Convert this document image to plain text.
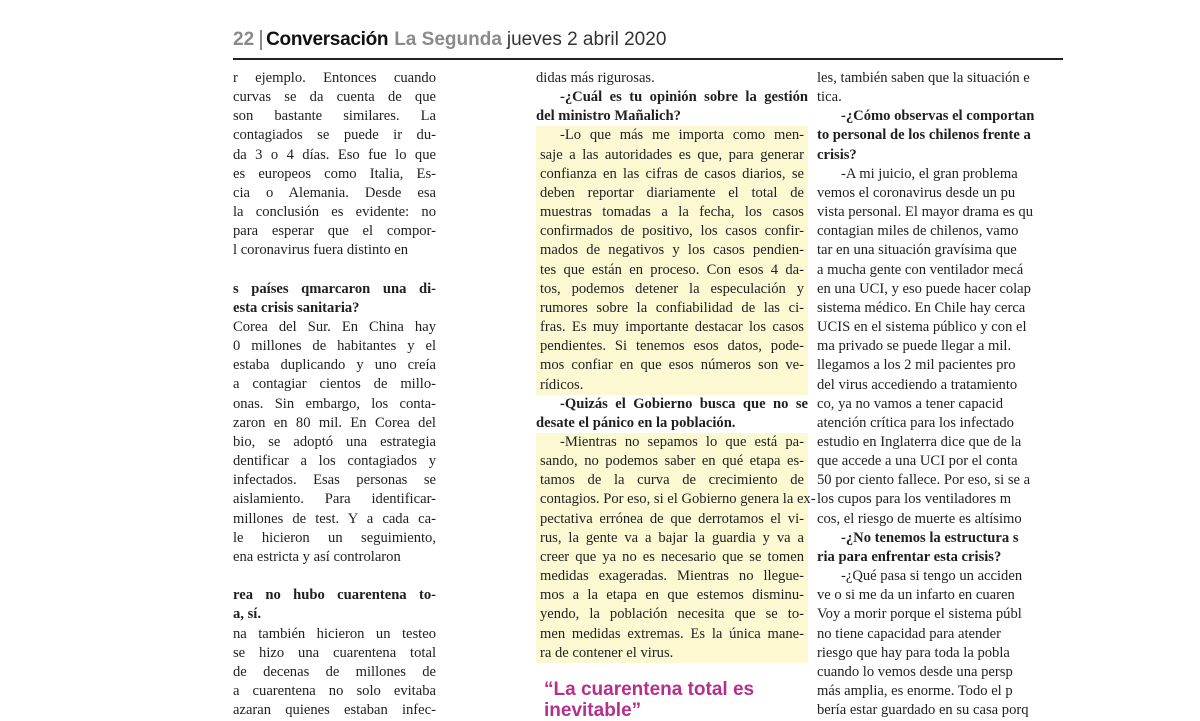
22 Conversación La Segunda jueves 2 abril 2020

r ejemplo. Entonces cuando

curvas se da cuenta de que

son bastante similares. La

contagiados se puede ir du-

da 3 o 4 días. Eso fue lo que

es europeos como Italia, Es-

cia o Alemania. Desde esa

la conclusión es evidente: no

para esperar que el compor-

l coronavirus fuera distinto en

s países qmarcaron una di-

esta crisis sanitaria?

Corea del Sur. En China hay

0 millones de habitantes y el

estaba duplicando y uno creía

a contagiar cientos de millo-

onas. Sin embargo, los conta-

zaron en 80 mil. En Corea del

bio, se adoptó una estrategia

dentificar a los contagiados y

infectados. Esas personas se

aislamiento. Para identificar-

millones de test. Y a cada ca-

le hicieron un seguimiento,

ena estricta y así controlaron

rea no hubo cuarentena to-

a, sí.

na también hicieron un testeo

se hizo una cuarentena total

de decenas de millones de

a cuarentena no solo evitaba

azaran quienes estaban infec-

didas más rigurosas.

-¿Cuál es tu opinión sobre la gestión

del ministro Mañalich?

-Lo que más me importa como men-

saje a las autoridades es que, para generar

confianza en las cifras de casos diarios, se

deben reportar diariamente el total de

muestras tomadas a la fecha, los casos

confirmados de positivo, los casos confir-

mados de negativos y los casos pendien-

tes que están en proceso. Con esos 4 da-

tos, podemos detener la especulación y

rumores sobre la confiabilidad de las ci-

fras. Es muy importante destacar los casos

pendientes. Si tenemos esos datos, pode-

mos confiar en que esos números son ve-

rídicos.

-Quizás el Gobierno busca que no se

desate el pánico en la población.

-Mientras no sepamos lo que está pa-

sando, no podemos saber en qué etapa es-

tamos de la curva de crecimiento de

contagios. Por eso, si el Gobierno genera la ex-

pectativa errónea de que derrotamos el vi-

rus, la gente va a bajar la guardia y va a

creer que ya no es necesario que se tomen

medidas exageradas. Mientras no llegue-

mos a la etapa en que estemos disminu-

yendo, la población necesita que se to-

men medidas extremas. Es la única mane-

ra de contener el virus.

“La cuarentena total es
inevitable”

les, también saben que la situación e

tica.

-¿Cómo observas el comportan

to personal de los chilenos frente a

crisis?

-A mi juicio, el gran problema

vemos el coronavirus desde un pu

vista personal. El mayor drama es qu

contagian miles de chilenos, vamo

tar en una situación gravísima que

a mucha gente con ventilador mecá

en una UCI, y eso puede hacer colap

sistema médico. En Chile hay cerca

UCIS en el sistema público y con el

ma privado se puede llegar a mil.

llegamos a los 2 mil pacientes pro

del virus accediendo a tratamiento

co, ya no vamos a tener capacid

atención crítica para los infectado

estudio en Inglaterra dice que de la

que accede a una UCI por el conta

50 por ciento fallece. Por eso, si se a

los cupos para los ventiladores m

cos, el riesgo de muerte es altísimo

-¿No tenemos la estructura s

ria para enfrentar esta crisis?

-¿Qué pasa si tengo un acciden

ve o si me da un infarto en cuaren

Voy a morir porque el sistema públ

no tiene capacidad para atender

riesgo que hay para toda la pobla

cuando lo vemos desde una persp

más amplia, es enorme. Todo el p

bería estar guardado en su casa porq
